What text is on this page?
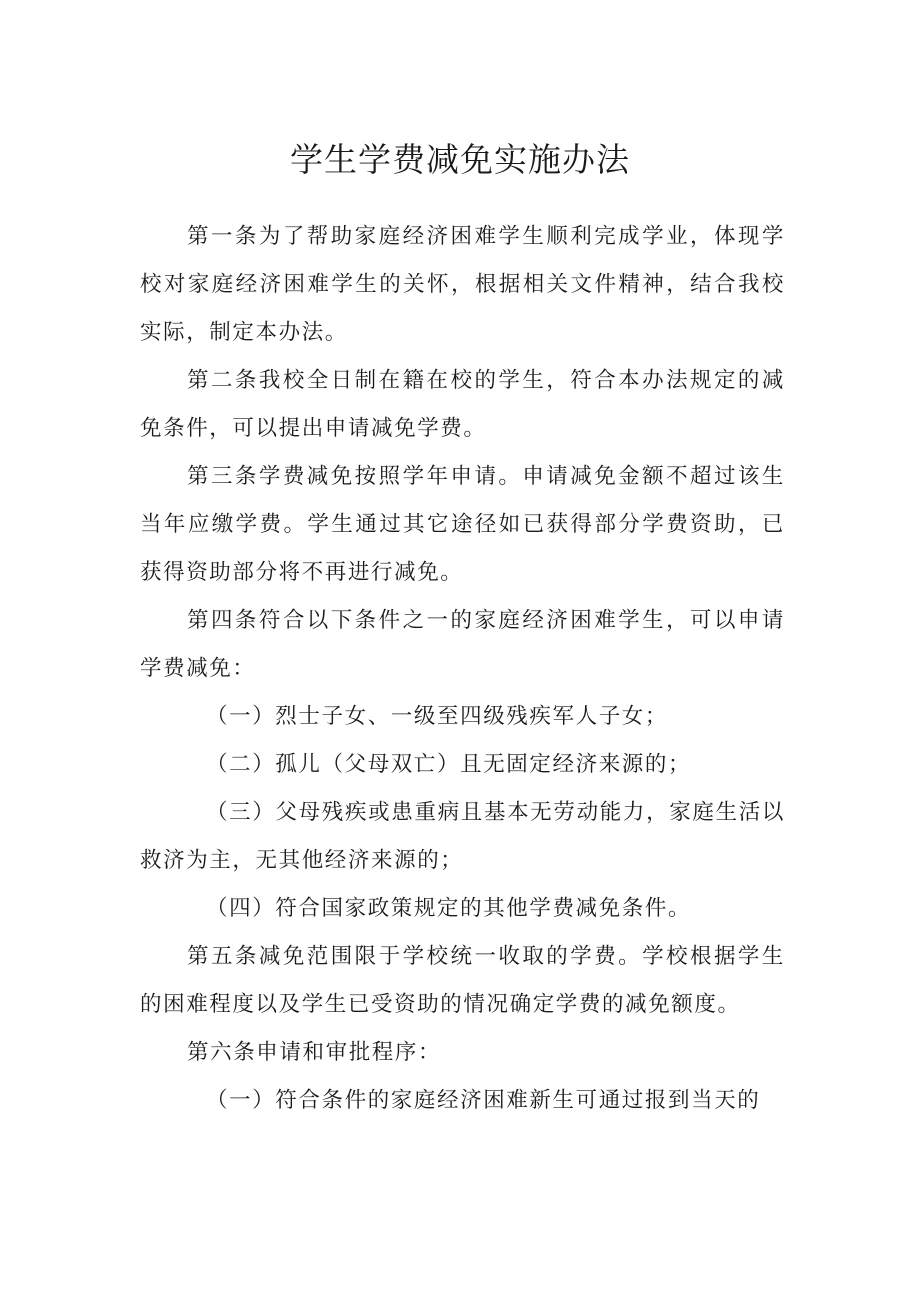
学生学费减免实施办法

第一条为了帮助家庭经济困难学生顺利完成学业，体现学校对家庭经济困难学生的关怀，根据相关文件精神，结合我校实际，制定本办法。

第二条我校全日制在籍在校的学生，符合本办法规定的减免条件，可以提出申请减免学费。

第三条学费减免按照学年申请。申请减免金额不超过该生当年应缴学费。学生通过其它途径如已获得部分学费资助，已获得资助部分将不再进行减免。

第四条符合以下条件之一的家庭经济困难学生，可以申请学费减免：

（一）烈士子女、一级至四级残疾军人子女；

（二）孤儿（父母双亡）且无固定经济来源的；

（三）父母残疾或患重病且基本无劳动能力，家庭生活以救济为主，无其他经济来源的；

（四）符合国家政策规定的其他学费减免条件。

第五条减免范围限于学校统一收取的学费。学校根据学生的困难程度以及学生已受资助的情况确定学费的减免额度。

第六条申请和审批程序：

（一）符合条件的家庭经济困难新生可通过报到当天的
